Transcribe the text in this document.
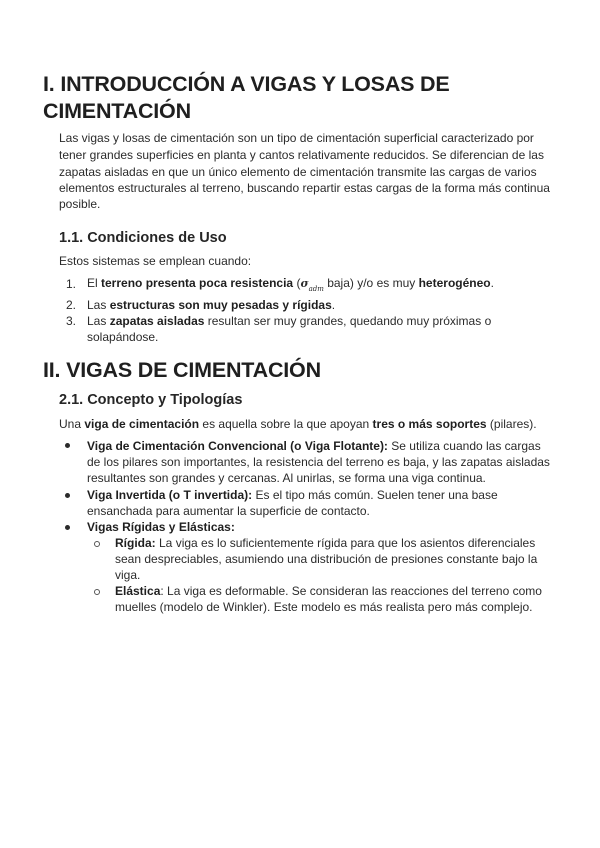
I. INTRODUCCIÓN A VIGAS Y LOSAS DE
CIMENTACIÓN

Las vigas y losas de cimentación son un tipo de cimentación superficial caracterizado por

tener grandes superficies en planta y cantos relativamente reducidos. Se diferencian de las

zapatas aisladas en que un único elemento de cimentación transmite las cargas de varios

elementos estructurales al terreno, buscando repartir estas cargas de la forma más continua

posible.

1.1. Condiciones de Uso

Estos sistemas se emplean cuando:

1. El terreno presenta poca resistencia ($\sigma_{adm}$ baja) y/o es muy heterogéneo.

2. Las estructuras son muy pesadas y rígidas.

3. Las zapatas aisladas resultan ser muy grandes, quedando muy próximas o

solapándose.

II. VIGAS DE CIMENTACIÓN
2.1. Concepto y Tipologías

Una viga de cimentación es aquella sobre la que apoyan tres o más soportes (pilares).

Viga de Cimentación Convencional (o Viga Flotante): Se utiliza cuando las cargas

de los pilares son importantes, la resistencia del terreno es baja, y las zapatas aisladas

resultantes son grandes y cercanas. Al unirlas, se forma una viga continua.

Viga Invertida (o T invertida): Es el tipo más común. Suelen tener una base

ensanchada para aumentar la superficie de contacto.

Vigas Rígidas y Elásticas:

Rígida: La viga es lo suficientemente rígida para que los asientos diferenciales

sean despreciables, asumiendo una distribución de presiones constante bajo la

viga.

Elástica: La viga es deformable. Se consideran las reacciones del terreno como

muelles (modelo de Winkler). Este modelo es más realista pero más complejo.
